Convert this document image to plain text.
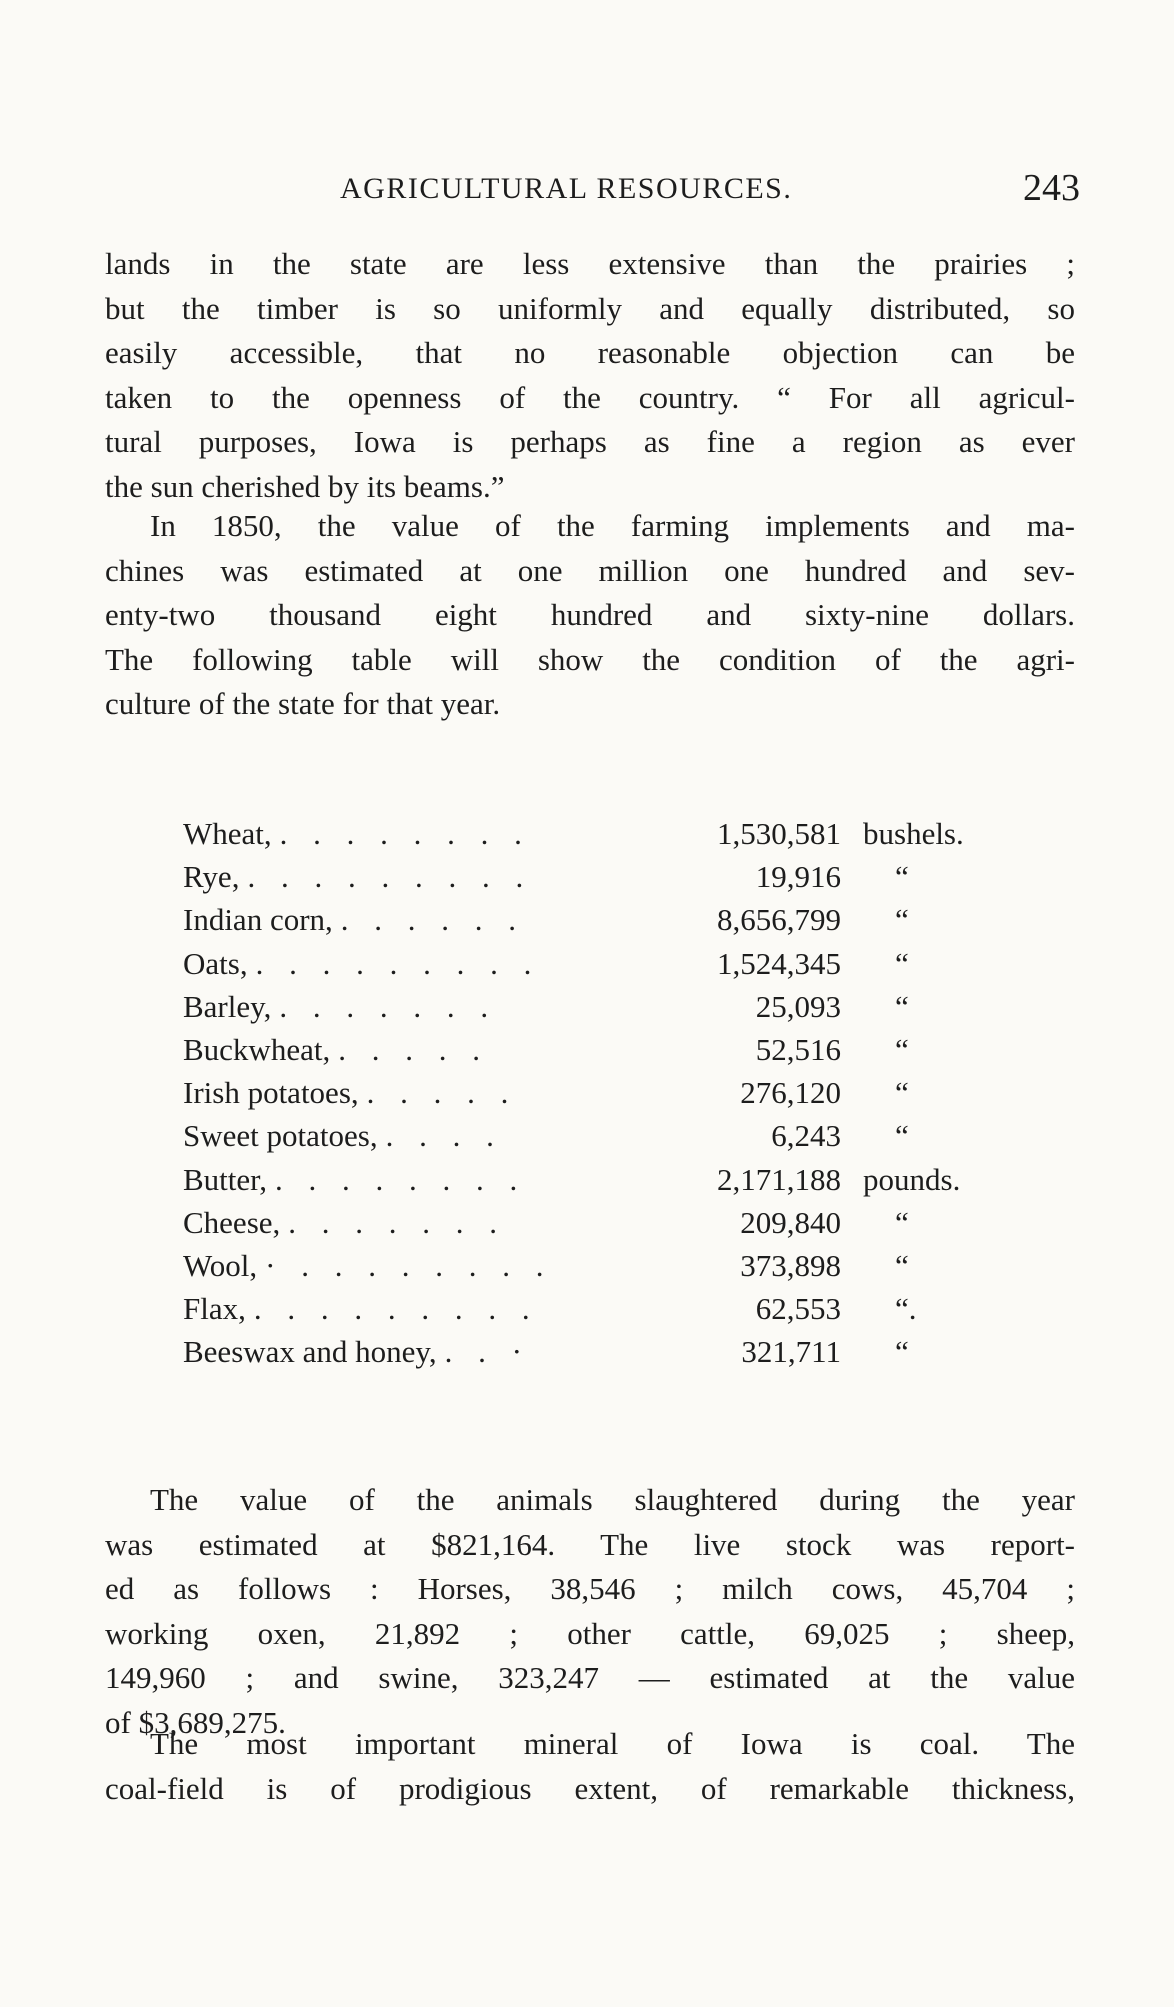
AGRICULTURAL RESOURCES.	243
lands in the state are less extensive than the prairies ;
but the timber is so uniformly and equally distributed, so
easily accessible, that no reasonable objection can be
taken to the openness of the country. “ For all agricul-
tural purposes, Iowa is perhaps as fine a region as ever
the sun cherished by its beams.”
In 1850, the value of the farming implements and ma-
chines was estimated at one million one hundred and sev-
enty-two thousand eight hundred and sixty-nine dollars.
The following table will show the condition of the agri-
culture of the state for that year.
Wheat, . . . . . . . .	1,530,581 bushels.
Rye, . . . . . . . . .	19,916 “
Indian corn, . . . . . .	8,656,799 “
Oats, . . . . . . . . .	1,524,345 “
Barley, . . . . . . .	25,093 “
Buckwheat, . . . . .	52,516 “
Irish potatoes, . . . . .	276,120 “
Sweet potatoes, . . . .	6,243 “
Butter, . . . . . . . .	2,171,188 pounds.
Cheese, . . . . . . .	209,840 “
Wool, · . . . . . . . .	373,898 “
Flax, . . . . . . . . .	62,553 “.
Beeswax and honey, . . ·	321,711 “
The value of the animals slaughtered during the year
was estimated at $821,164. The live stock was report-
ed as follows : Horses, 38,546 ; milch cows, 45,704 ;
working oxen, 21,892 ; other cattle, 69,025 ; sheep,
149,960 ; and swine, 323,247 — estimated at the value
of $3,689,275.
The most important mineral of Iowa is coal. The
coal-field is of prodigious extent, of remarkable thickness,
